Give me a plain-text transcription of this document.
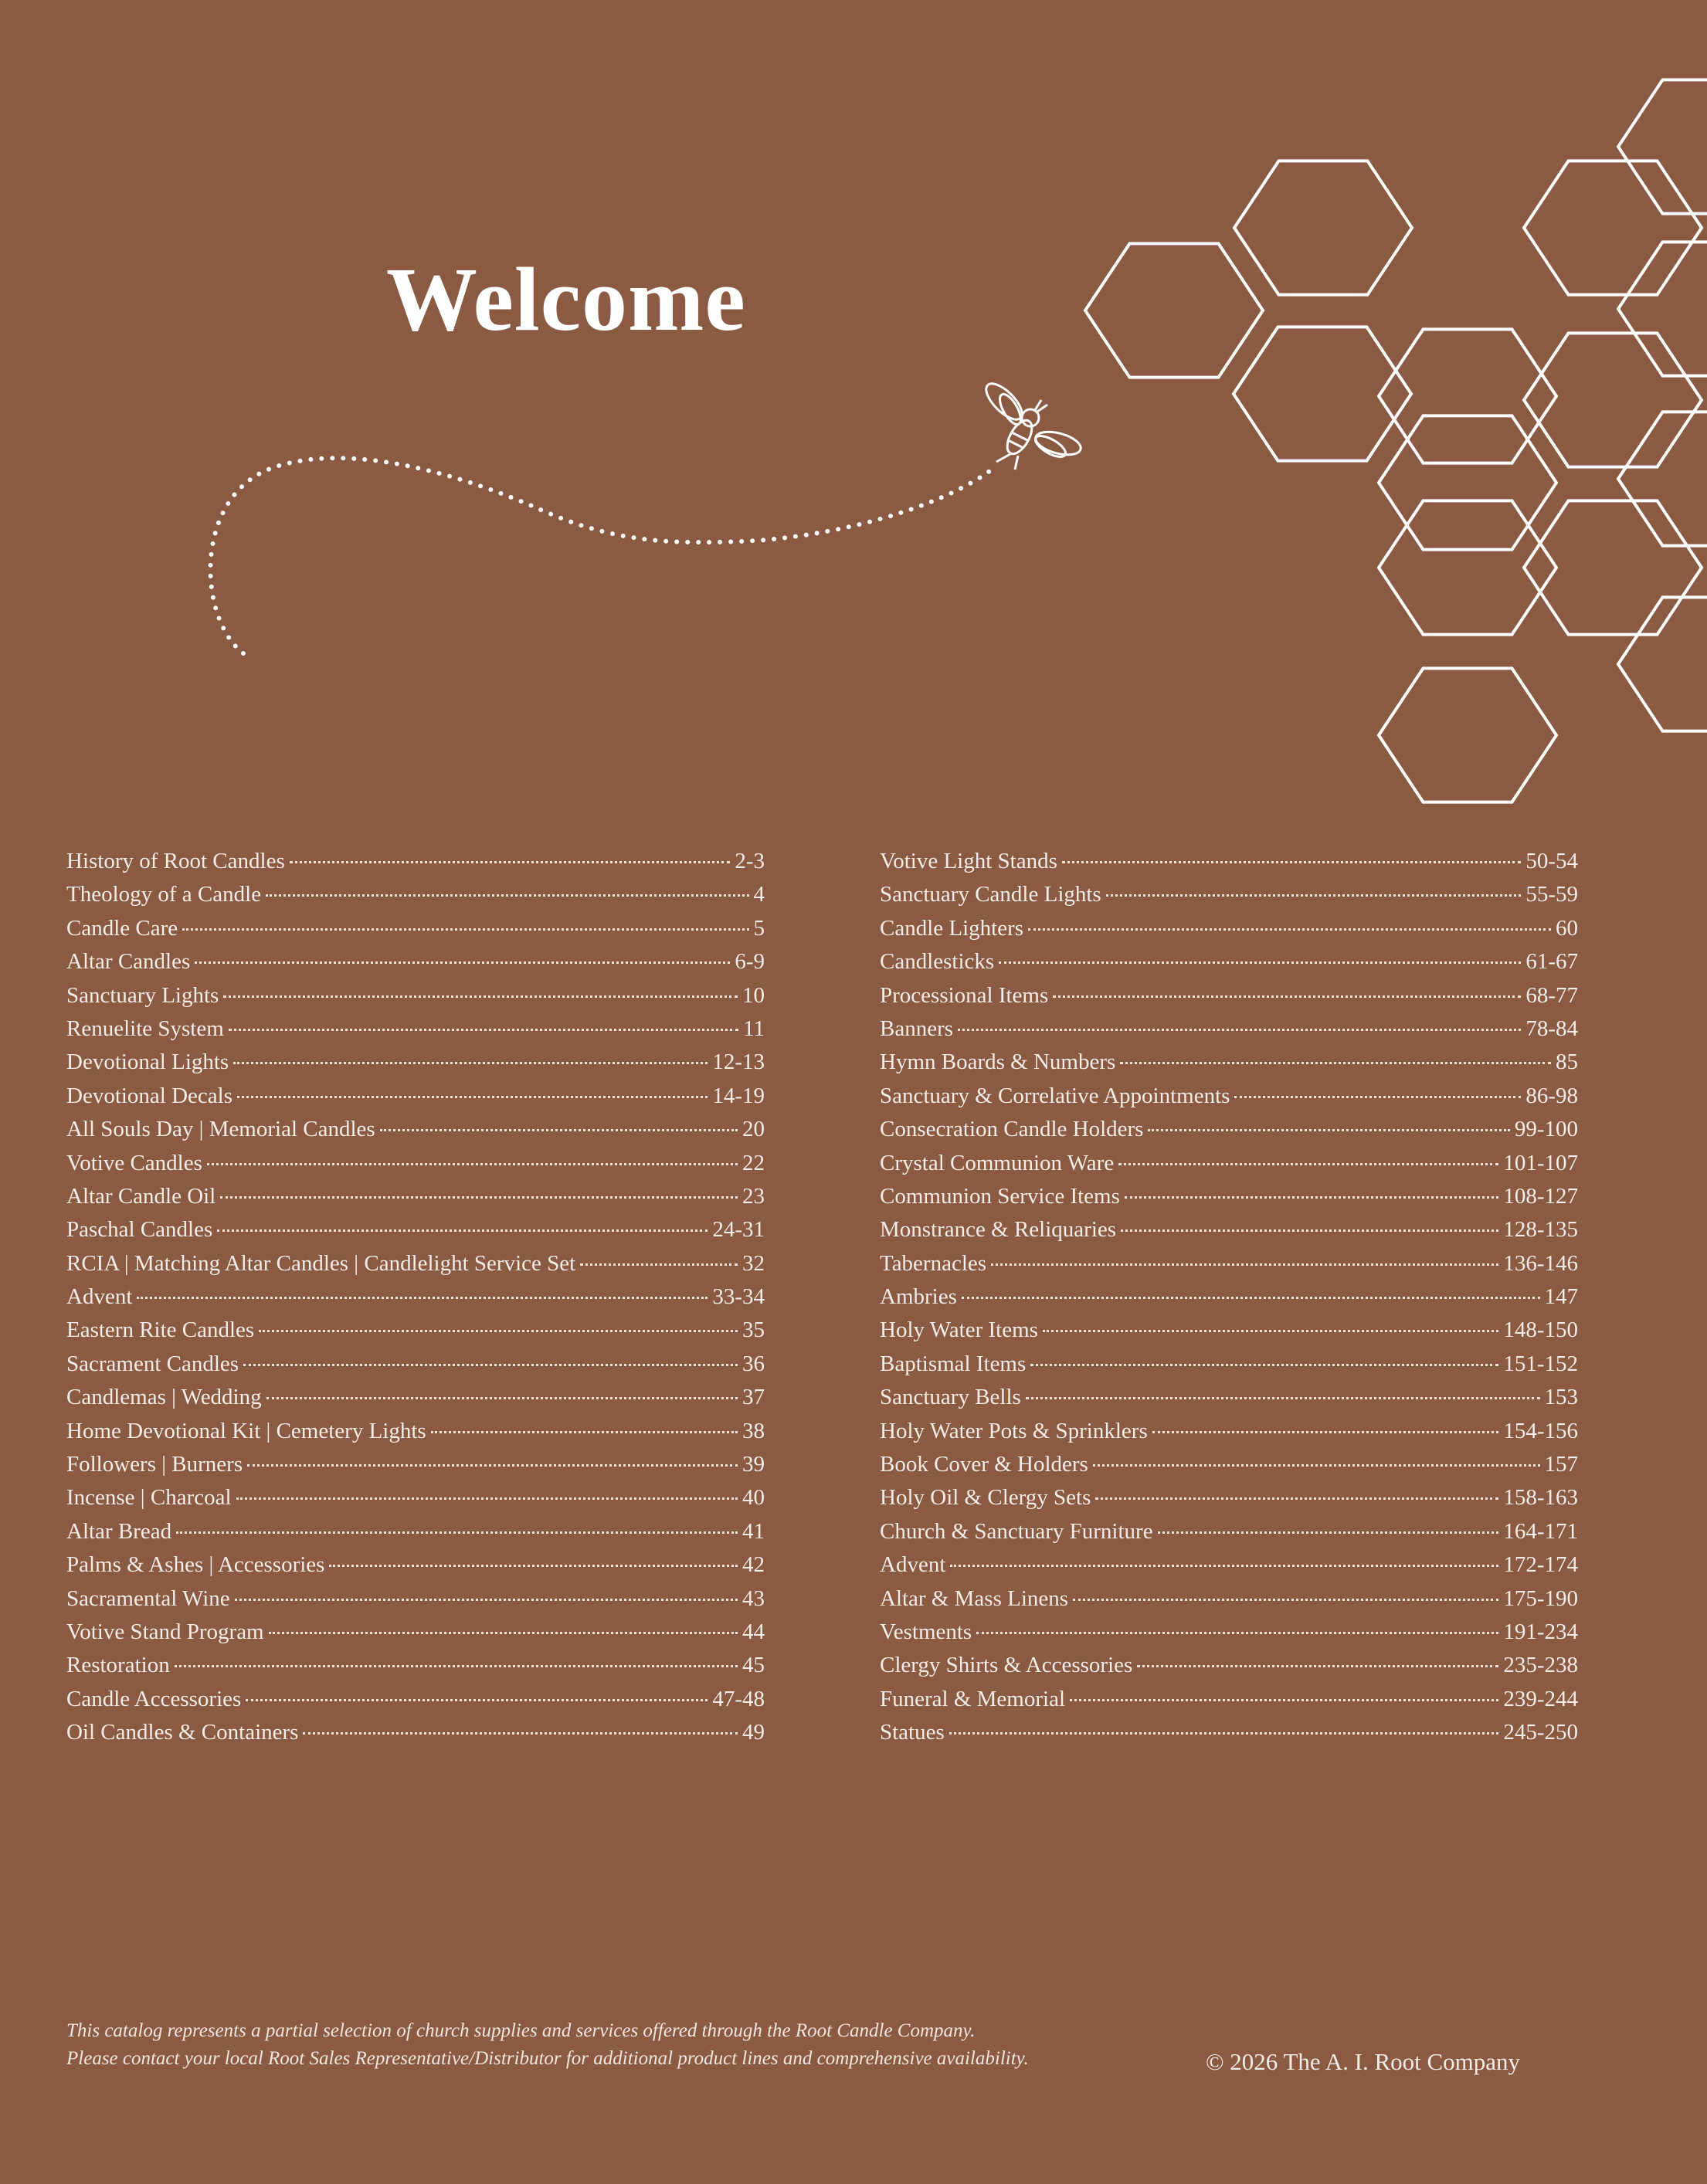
Welcome
History of Root Candles	2-3
Theology of a Candle	4
Candle Care	5
Altar Candles	6-9
Sanctuary Lights	10
Renuelite System	11
Devotional Lights	12-13
Devotional Decals	14-19
All Souls Day | Memorial Candles	20
Votive Candles	22
Altar Candle Oil	23
Paschal Candles	24-31
RCIA | Matching Altar Candles | Candlelight Service Set	32
Advent	33-34
Eastern Rite Candles	35
Sacrament Candles	36
Candlemas | Wedding	37
Home Devotional Kit | Cemetery Lights	38
Followers | Burners	39
Incense | Charcoal	40
Altar Bread	41
Palms & Ashes | Accessories	42
Sacramental Wine	43
Votive Stand Program	44
Restoration	45
Candle Accessories	47-48
Oil Candles & Containers	49
Votive Light Stands	50-54
Sanctuary Candle Lights	55-59
Candle Lighters	60
Candlesticks	61-67
Processional Items	68-77
Banners	78-84
Hymn Boards & Numbers	85
Sanctuary & Correlative Appointments	86-98
Consecration Candle Holders	99-100
Crystal Communion Ware	101-107
Communion Service Items	108-127
Monstrance & Reliquaries	128-135
Tabernacles	136-146
Ambries	147
Holy Water Items	148-150
Baptismal Items	151-152
Sanctuary Bells	153
Holy Water Pots & Sprinklers	154-156
Book Cover & Holders	157
Holy Oil & Clergy Sets	158-163
Church & Sanctuary Furniture	164-171
Advent	172-174
Altar & Mass Linens	175-190
Vestments	191-234
Clergy Shirts & Accessories	235-238
Funeral & Memorial	239-244
Statues	245-250
This catalog represents a partial selection of church supplies and services offered through the Root Candle Company.
Please contact your local Root Sales Representative/Distributor for additional product lines and comprehensive availability.	© 2026 The A. I. Root Company
